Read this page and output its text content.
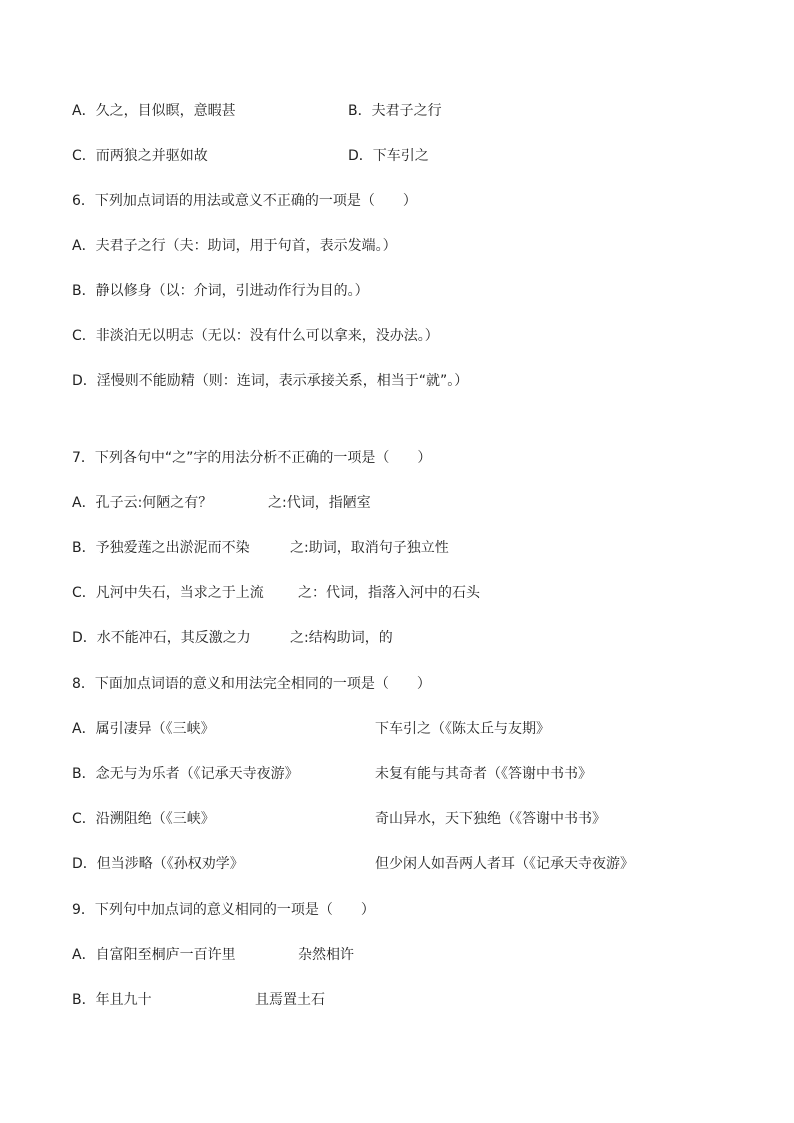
A．久之，目似瞑，意暇甚	B．夫君子之行
C．而两狼之并驱如故	D．下车引之
6．下列加点词语的用法或意义不正确的一项是（　　）
A．夫君子之行（夫：助词，用于句首，表示发端。）
B．静以修身（以：介词，引进动作行为目的。）
C．非淡泊无以明志（无以：没有什么可以拿来，没办法。）
D．淫慢则不能励精（则：连词，表示承接关系，相当于“就”。）
7．下列各句中“之”字的用法分析不正确的一项是（　　）
A．孔子云:何陋之有？	之:代词，指陋室
B．予独爱莲之出淤泥而不染	之:助词，取消句子独立性
C．凡河中失石，当求之于上流 之：代词，指落入河中的石头
D．水不能冲石，其反激之力	之:结构助词，的
8．下面加点词语的意义和用法完全相同的一项是（　　）
A．属引凄异（《三峡》	下车引之（《陈太丘与友期》
B．念无与为乐者（《记承天寺夜游》	未复有能与其奇者（《答谢中书书》
C．沿溯阻绝（《三峡》	奇山异水，天下独绝（《答谢中书书》
D．但当涉略（《孙权劝学》	但少闲人如吾两人者耳（《记承天寺夜游》
9．下列句中加点词的意义相同的一项是（　　）
A．自富阳至桐庐一百许里	杂然相许
B．年且九十	且焉置土石
